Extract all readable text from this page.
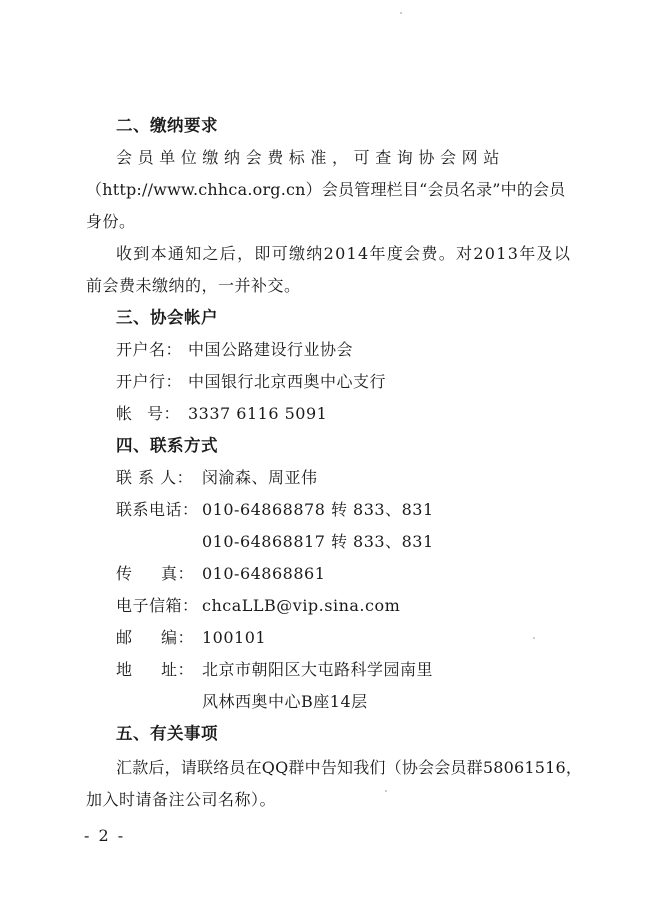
二、缴纳要求
会员单位缴纳会费标准，可查询协会网站
（http://www.chhca.org.cn）会员管理栏目“会员名录”中的会员
身份。
收到本通知之后，即可缴纳2014年度会费。对2013年及以
前会费未缴纳的，一并补交。
三、协会帐户
开户名： 中国公路建设行业协会
开户行： 中国银行北京西奥中心支行
帐 号： 3337 6116 5091
四、联系方式
联 系 人： 闵渝森、周亚伟
联系电话： 010-64868878 转 833、831
010-64868817 转 833、831
传 真： 010-64868861
电子信箱： chcaLLB@vip.sina.com
邮 编： 100101
地 址： 北京市朝阳区大屯路科学园南里
风林西奥中心B座14层
五、有关事项
汇款后，请联络员在QQ群中告知我们（协会会员群58061516，
加入时请备注公司名称）。
- 2 -
